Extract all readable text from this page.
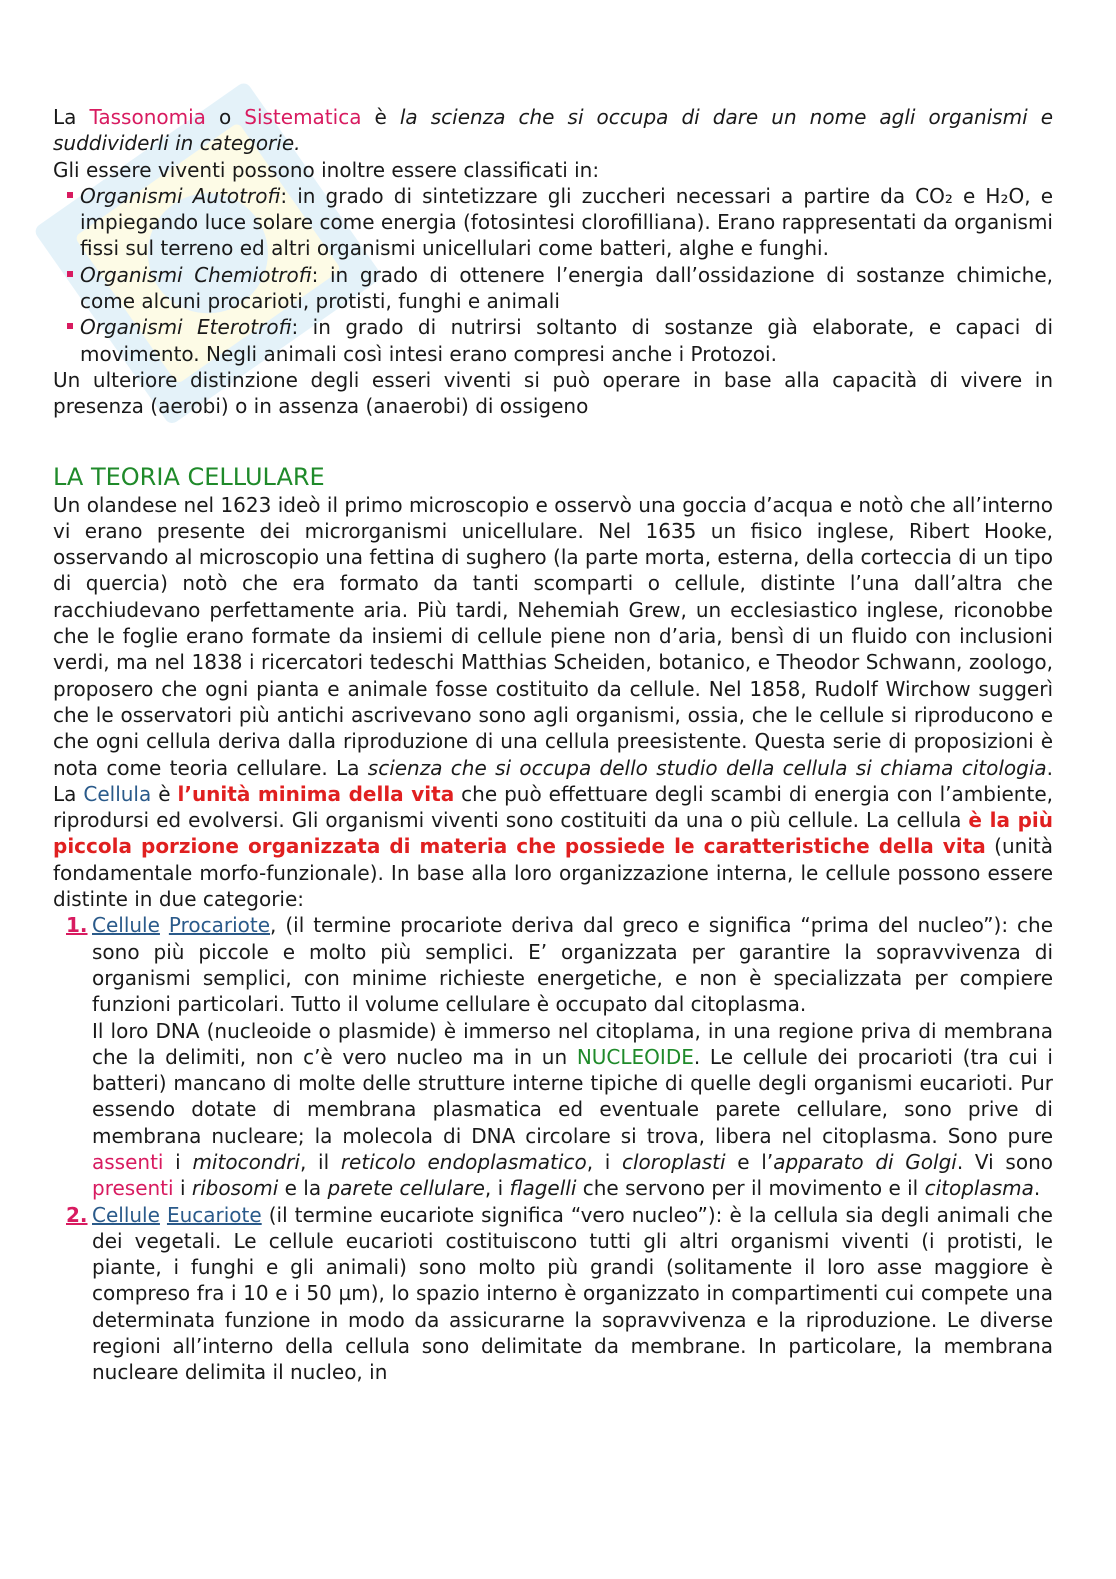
La Tassonomia o Sistematica è la scienza che si occupa di dare un nome agli organismi e suddividerli in categorie.

Gli essere viventi possono inoltre essere classificati in:

Organismi Autotrofi: in grado di sintetizzare gli zuccheri necessari a partire da CO₂ e H₂O, e impiegando luce solare come energia (fotosintesi clorofilliana). Erano rappresentati da organismi fissi sul terreno ed altri organismi unicellulari come batteri, alghe e funghi.

Organismi Chemiotrofi: in grado di ottenere l’energia dall’ossidazione di sostanze chimiche, come alcuni procarioti, protisti, funghi e animali

Organismi Eterotrofi: in grado di nutrirsi soltanto di sostanze già elaborate, e capaci di movimento. Negli animali così intesi erano compresi anche i Protozoi.

Un ulteriore distinzione degli esseri viventi si può operare in base alla capacità di vivere in presenza (aerobi) o in assenza (anaerobi) di ossigeno

LA TEORIA CELLULARE

Un olandese nel 1623 ideò il primo microscopio e osservò una goccia d’acqua e notò che all’interno vi erano presente dei microrganismi unicellulare. Nel 1635 un fisico inglese, Ribert Hooke, osservando al microscopio una fettina di sughero (la parte morta, esterna, della corteccia di un tipo di quercia) notò che era formato da tanti scomparti o cellule, distinte l’una dall’altra che racchiudevano perfettamente aria. Più tardi, Nehemiah Grew, un ecclesiastico inglese, riconobbe che le foglie erano formate da insiemi di cellule piene non d’aria, bensì di un fluido con inclusioni verdi, ma nel 1838 i ricercatori tedeschi Matthias Scheiden, botanico, e Theodor Schwann, zoologo, proposero che ogni pianta e animale fosse costituito da cellule. Nel 1858, Rudolf Wirchow suggerì che le osservatori più antichi ascrivevano sono agli organismi, ossia, che le cellule si riproducono e che ogni cellula deriva dalla riproduzione di una cellula preesistente. Questa serie di proposizioni è nota come teoria cellulare. La scienza che si occupa dello studio della cellula si chiama citologia. La Cellula è l’unità minima della vita che può effettuare degli scambi di energia con l’ambiente, riprodursi ed evolversi. Gli organismi viventi sono costituiti da una o più cellule. La cellula è la più piccola porzione organizzata di materia che possiede le caratteristiche della vita (unità fondamentale morfo-funzionale). In base alla loro organizzazione interna, le cellule possono essere distinte in due categorie:

1. Cellule Procariote, (il termine procariote deriva dal greco e significa “prima del nucleo”): che sono più piccole e molto più semplici. E’ organizzata per garantire la sopravvivenza di organismi semplici, con minime richieste energetiche, e non è specializzata per compiere funzioni particolari. Tutto il volume cellulare è occupato dal citoplasma.

Il loro DNA (nucleoide o plasmide) è immerso nel citoplama, in una regione priva di membrana che la delimiti, non c’è vero nucleo ma in un NUCLEOIDE. Le cellule dei procarioti (tra cui i batteri) mancano di molte delle strutture interne tipiche di quelle degli organismi eucarioti. Pur essendo dotate di membrana plasmatica ed eventuale parete cellulare, sono prive di membrana nucleare; la molecola di DNA circolare si trova, libera nel citoplasma. Sono pure assenti i mitocondri, il reticolo endoplasmatico, i cloroplasti e l’apparato di Golgi. Vi sono presenti i ribosomi e la parete cellulare, i flagelli che servono per il movimento e il citoplasma.

2. Cellule Eucariote (il termine eucariote significa “vero nucleo”): è la cellula sia degli animali che dei vegetali. Le cellule eucarioti costituiscono tutti gli altri organismi viventi (i protisti, le piante, i funghi e gli animali) sono molto più grandi (solitamente il loro asse maggiore è compreso fra i 10 e i 50 µm), lo spazio interno è organizzato in compartimenti cui compete una determinata funzione in modo da assicurarne la sopravvivenza e la riproduzione. Le diverse regioni all’interno della cellula sono delimitate da membrane. In particolare, la membrana nucleare delimita il nucleo, in
